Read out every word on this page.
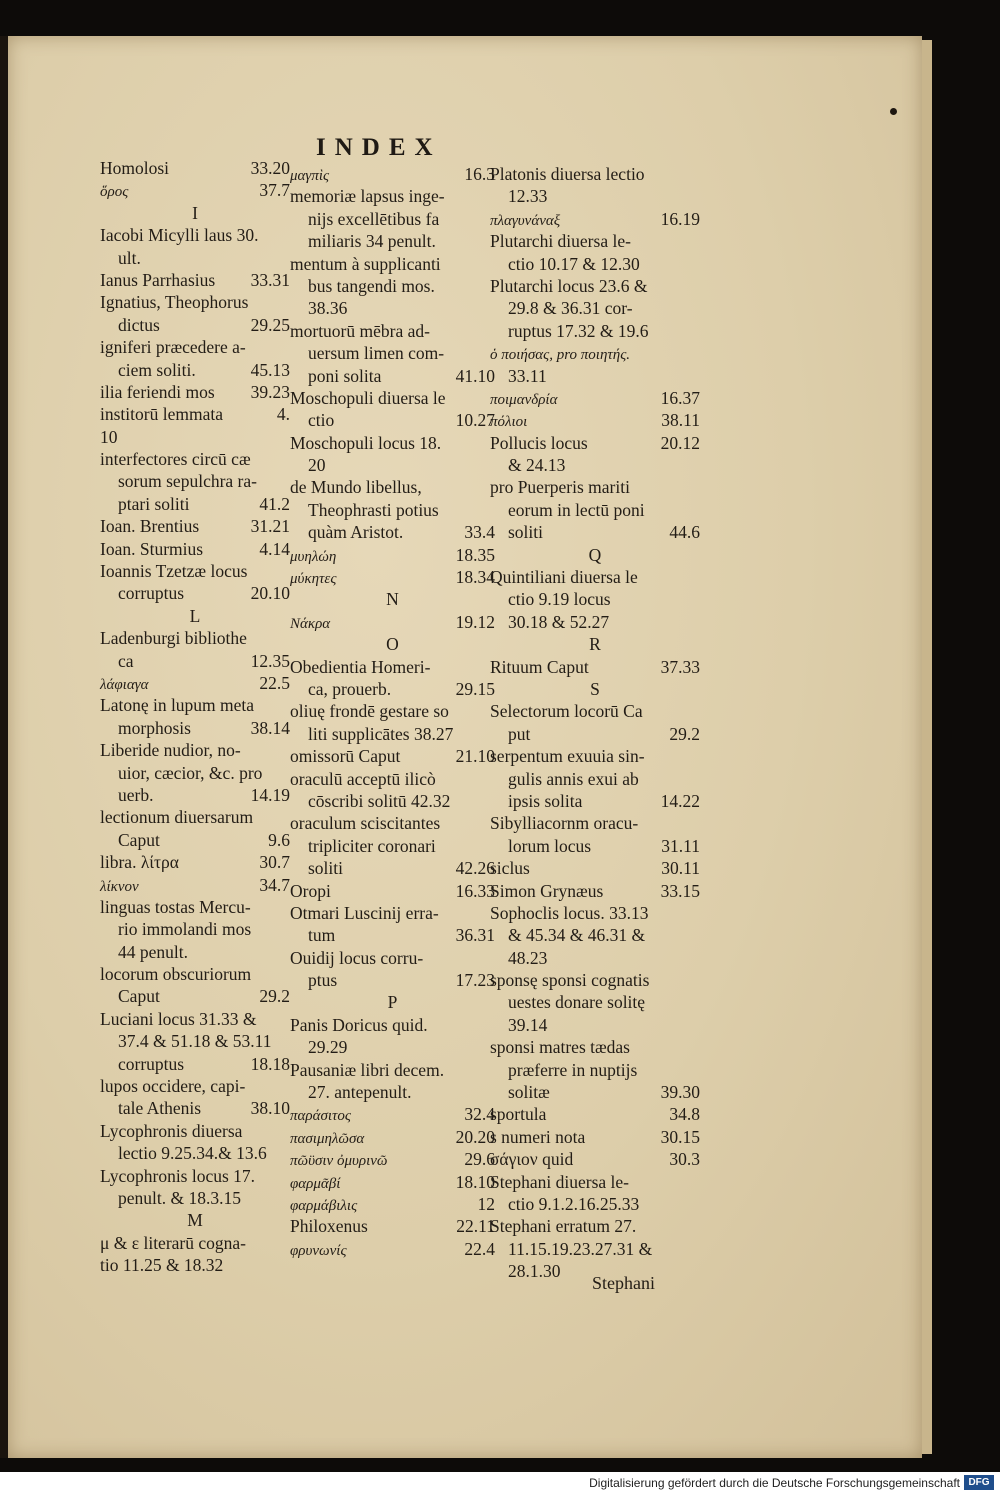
INDEX
Homolosi	33.20
ὅρος	37.7
I
Iacobi Micylli laus 30.
ult.
Ianus Parrhasius 33.31
Ignatius, Theophorus
dictus	29.25
igniferi præcedere a-
ciem soliti.	45.13
ilia feriendi mos 39.23
institorū lemmata	4.
10
interfectores circū cæ
sorum sepulchra ra-
ptari soliti	41.2
Ioan. Brentius	31.21
Ioan. Sturmius	4.14
Ioannis Tzetzæ locus
corruptus	20.10
L
Ladenburgi bibliothe
ca	12.35
λάφιαγα	22.5
Latonę in lupum meta
morphosis	38.14
Liberide nudior, no-
uior, cæcior, &c. pro
uerb.	14.19
lectionum diuersarum
Caput	9.6
libra. λίτρα	30.7
λίκνον	34.7
linguas tostas Mercu-
rio immolandi mos
44 penult.
locorum obscuriorum
Caput	29.2
Luciani locus 31.33 &
37.4 & 51.18 & 53.11
corruptus	18.18
lupos occidere, capi-
tale Athenis	38.10
Lycophronis diuersa
lectio 9.25.34.& 13.6
Lycophronis locus 17.
penult. & 18.3.15
M
μ & ε literarū cogna-
tio 11.25 & 18.32
μαγπὶς	16.3
memoriæ lapsus inge-
nijs excellētibus fa
miliaris 34 penult.
mentum à supplicanti
bus tangendi mos.
38.36
mortuorū mēbra ad-
uersum limen com-
poni solita	41.10
Moschopuli diuersa le
ctio	10.27
Moschopuli locus 18.
20
de Mundo libellus,
Theophrasti potius
quàm Aristot.	33.4
μυηλώη	18.35
μύκητες	18.34
N
Νάκρα	19.12
O
Obedientia Homeri-
ca, prouerb.	29.15
oliuę frondē gestare so
liti supplicātes 38.27
omissorū Caput	21.10
oraculū acceptū ilicò
cōscribi solitū 42.32
oraculum sciscitantes
tripliciter coronari
soliti	42.26
Oropi	16.33
Otmari Luscinij erra-
tum	36.31
Ouidij locus corru-
ptus	17.23
P
Panis Doricus quid.
29.29
Pausaniæ libri decem.
27. antepenult.
παράσιτος	32.4
πασιμηλῶσα	20.20
πῶϋσιν ὀμυρινῶ	29.6
φαρμᾶβί	18.10
φαρμάβιλις	12
Philoxenus	22.11
φρυνωνίς	22.4
Platonis diuersa lectio
12.33
πλαγυνάναξ	16.19
Plutarchi diuersa le-
ctio 10.17 & 12.30
Plutarchi locus 23.6 &
29.8 & 36.31 cor-
ruptus 17.32 & 19.6
ὁ ποιήσας, pro ποιητής.
33.11
ποιμανδρία	16.37
πόλιοι	38.11
Pollucis locus	20.12
& 24.13
pro Puerperis mariti
eorum in lectū poni
soliti	44.6
Q
Quintiliani diuersa le
ctio 9.19 locus
30.18 & 52.27
R
Rituum Caput	37.33
S
Selectorum locorū Ca
put	29.2
serpentum exuuia sin-
gulis annis exui ab
ipsis solita	14.22
Sibylliacornm oracu-
lorum locus	31.11
siclus	30.11
Simon Grynæus	33.15
Sophoclis locus. 33.13
& 45.34 & 46.31 &
48.23
sponsę sponsi cognatis
uestes donare solitę
39.14
sponsi matres tædas
præferre in nuptijs
solitæ	39.30
sportula	34.8
s numeri nota	30.15
σάγιον quid	30.3
Stephani diuersa le-
ctio 9.1.2.16.25.33
Stephani erratum 27.
11.15.19.23.27.31 &
28.1.30
Stephani
Digitalisierung gefördert durch die Deutsche Forschungsgemeinschaft DFG
